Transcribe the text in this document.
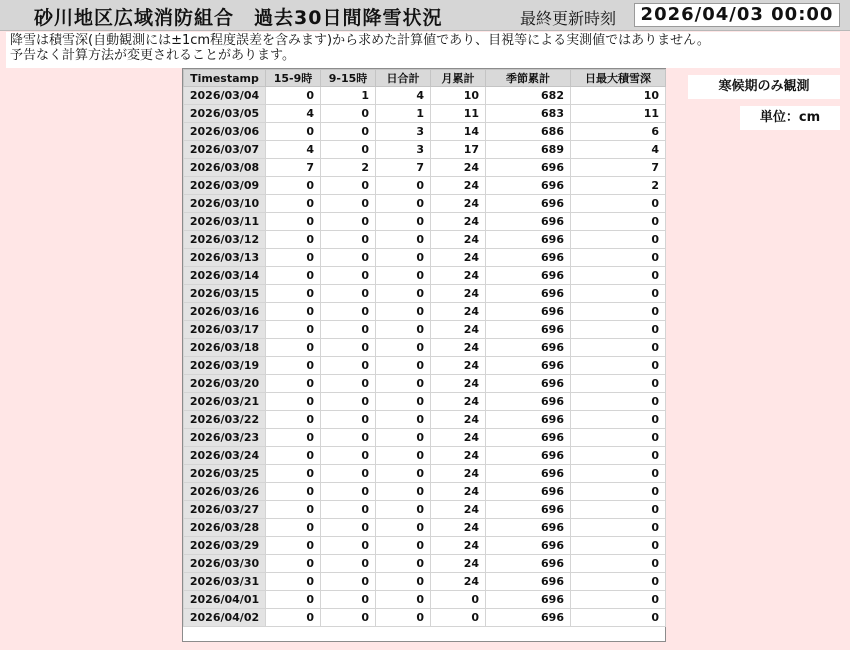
砂川地区広域消防組合　過去30日間降雪状況	最終更新時刻	2026/04/03 00:00
降雪は積雪深(自動観測には±1cm程度誤差を含みます)から求めた計算値であり、目視等による実測値ではありません。
予告なく計算方法が変更されることがあります。
Timestamp	15-9時	9-15時	日合計	月累計	季節累計	日最大積雪深
2026/03/04	0	1	4	10	682	10
2026/03/05	4	0	1	11	683	11
2026/03/06	0	0	3	14	686	6
2026/03/07	4	0	3	17	689	4
2026/03/08	7	2	7	24	696	7
2026/03/09	0	0	0	24	696	2
2026/03/10	0	0	0	24	696	0
2026/03/11	0	0	0	24	696	0
2026/03/12	0	0	0	24	696	0
2026/03/13	0	0	0	24	696	0
2026/03/14	0	0	0	24	696	0
2026/03/15	0	0	0	24	696	0
2026/03/16	0	0	0	24	696	0
2026/03/17	0	0	0	24	696	0
2026/03/18	0	0	0	24	696	0
2026/03/19	0	0	0	24	696	0
2026/03/20	0	0	0	24	696	0
2026/03/21	0	0	0	24	696	0
2026/03/22	0	0	0	24	696	0
2026/03/23	0	0	0	24	696	0
2026/03/24	0	0	0	24	696	0
2026/03/25	0	0	0	24	696	0
2026/03/26	0	0	0	24	696	0
2026/03/27	0	0	0	24	696	0
2026/03/28	0	0	0	24	696	0
2026/03/29	0	0	0	24	696	0
2026/03/30	0	0	0	24	696	0
2026/03/31	0	0	0	24	696	0
2026/04/01	0	0	0	0	696	0
2026/04/02	0	0	0	0	696	0
寒候期のみ観測
単位：cm
